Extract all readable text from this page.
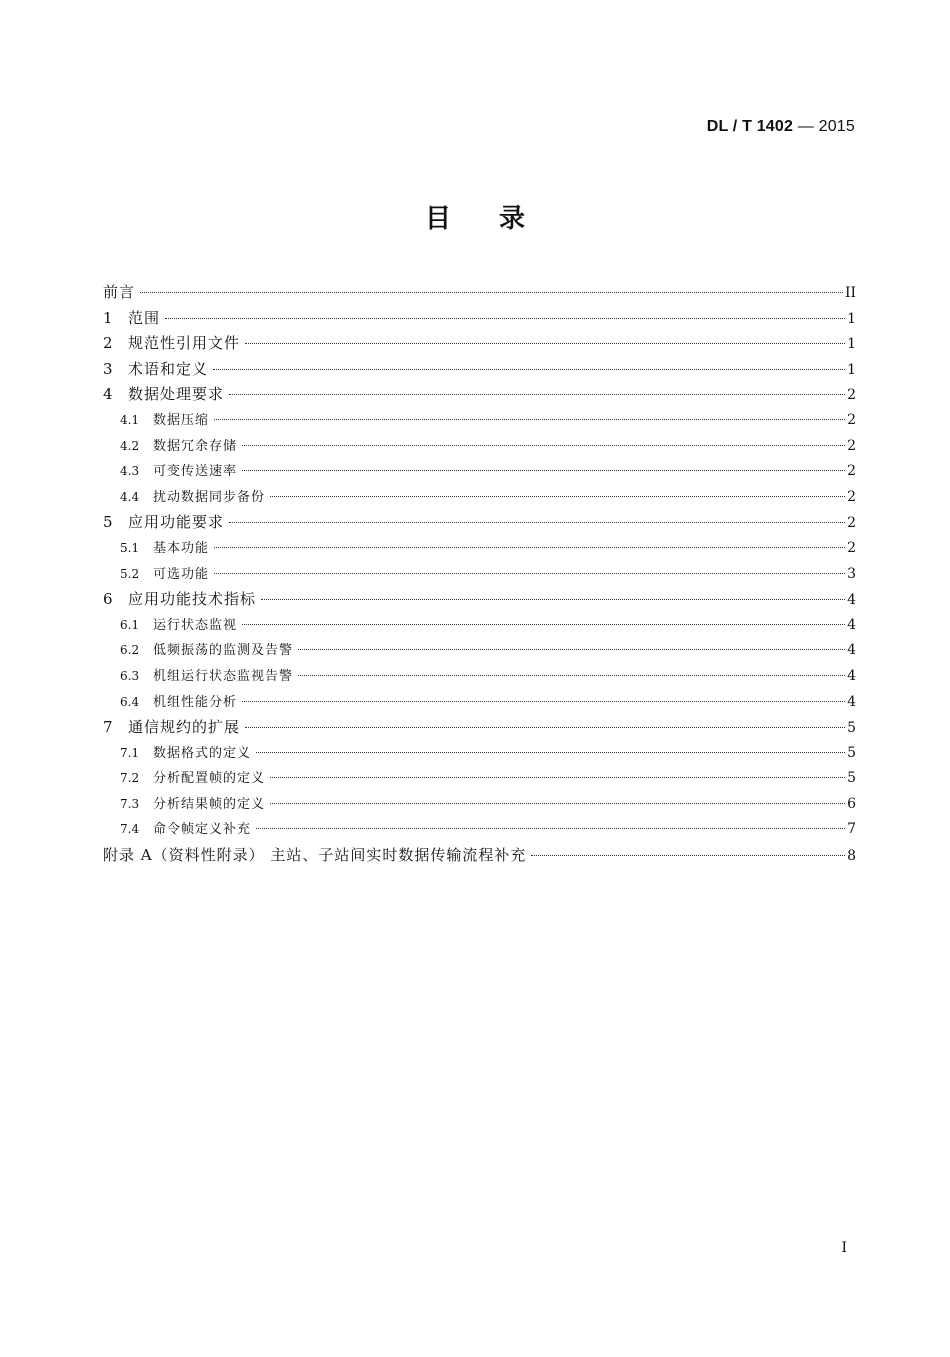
DL / T 1402 — 2015
目录
前言	II
1	范围	1
2	规范性引用文件	1
3	术语和定义	1
4	数据处理要求	2
4.1	数据压缩	2
4.2	数据冗余存储	2
4.3	可变传送速率	2
4.4	扰动数据同步备份	2
5	应用功能要求	2
5.1	基本功能	2
5.2	可选功能	3
6	应用功能技术指标	4
6.1	运行状态监视	4
6.2	低频振荡的监测及告警	4
6.3	机组运行状态监视告警	4
6.4	机组性能分析	4
7	通信规约的扩展	5
7.1	数据格式的定义	5
7.2	分析配置帧的定义	5
7.3	分析结果帧的定义	6
7.4	命令帧定义补充	7
附录 A（资料性附录） 主站、子站间实时数据传输流程补充	8
I
